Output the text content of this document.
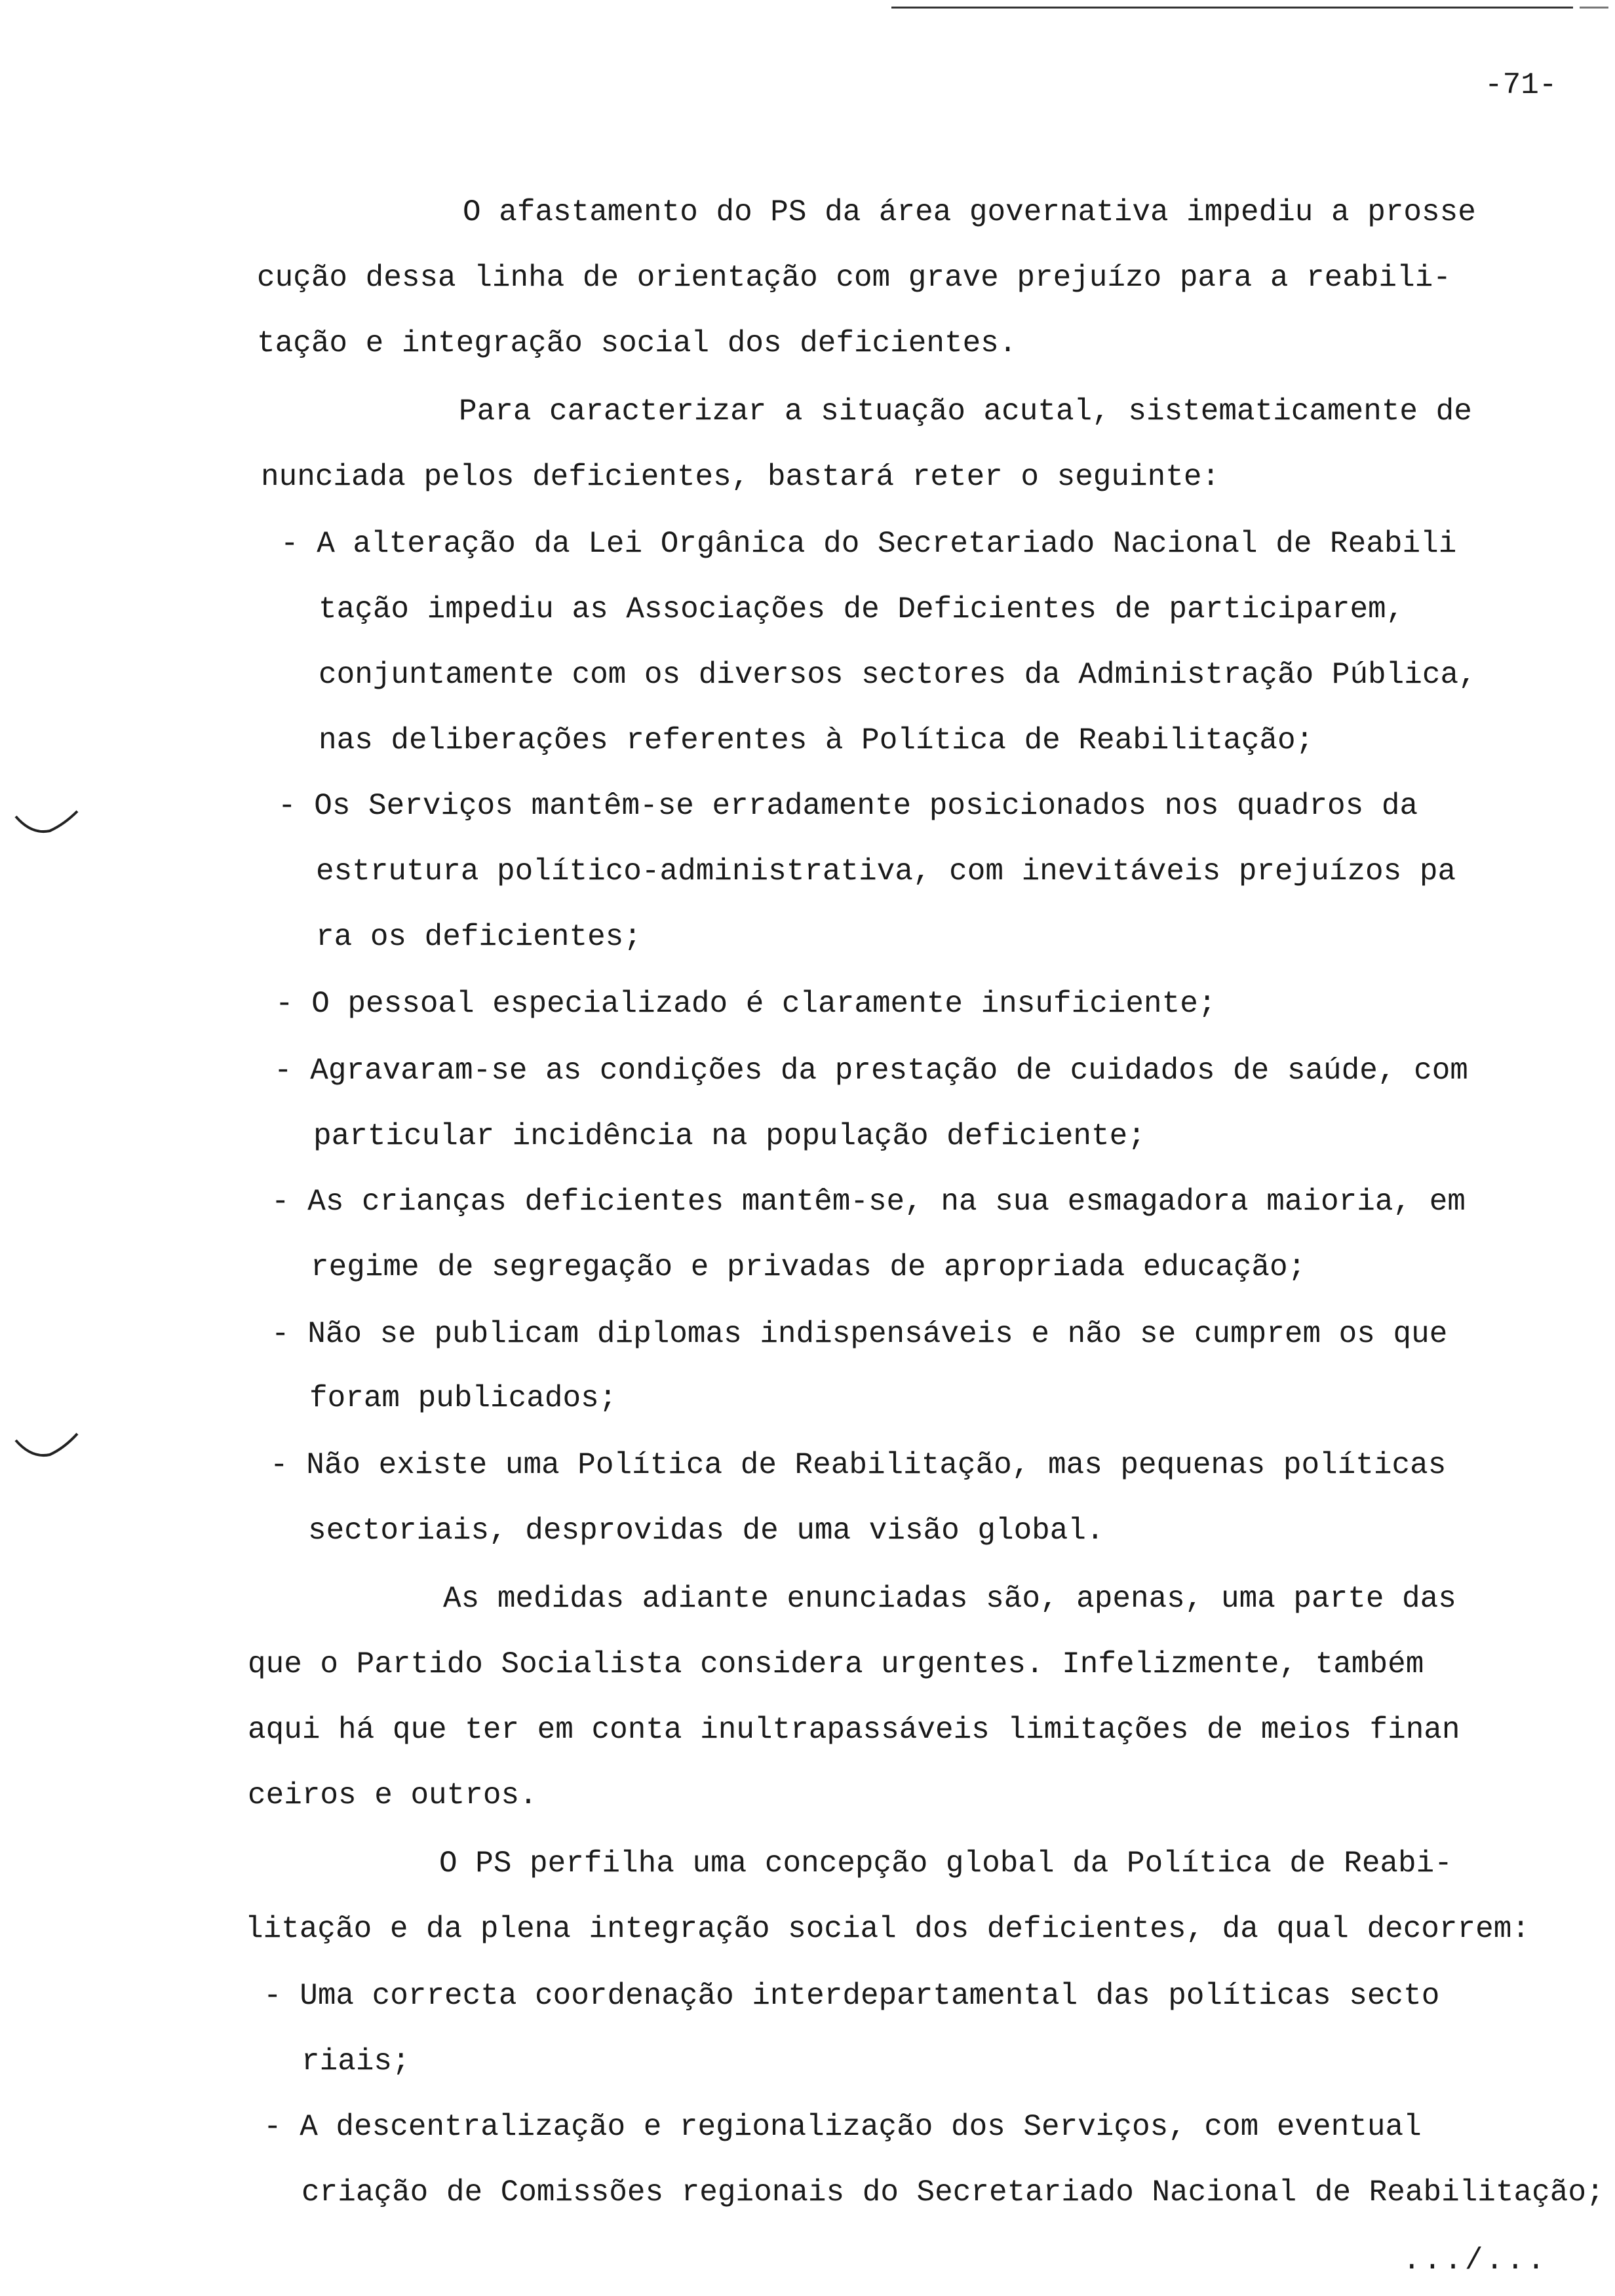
-71-
O afastamento do PS da área governativa impediu a prosse
cução dessa linha de orientação com grave prejuízo para a reabili-
tação e integração social dos deficientes.
Para caracterizar a situação acutal, sistematicamente de
nunciada pelos deficientes, bastará reter o seguinte:
- A alteração da Lei Orgânica do Secretariado Nacional de Reabili
tação impediu as Associações de Deficientes de participarem,
conjuntamente com os diversos sectores da Administração Pública,
nas deliberações referentes à Política de Reabilitação;
- Os Serviços mantêm-se erradamente posicionados nos quadros da
estrutura político-administrativa, com inevitáveis prejuízos pa
ra os deficientes;
- O pessoal especializado é claramente insuficiente;
- Agravaram-se as condições da prestação de cuidados de saúde, com
particular incidência na população deficiente;
- As crianças deficientes mantêm-se, na sua esmagadora maioria, em
regime de segregação e privadas de apropriada educação;
- Não se publicam diplomas indispensáveis e não se cumprem os que
foram publicados;
- Não existe uma Política de Reabilitação, mas pequenas políticas
sectoriais, desprovidas de uma visão global.
As medidas adiante enunciadas são, apenas, uma parte das
que o Partido Socialista considera urgentes. Infelizmente, também
aqui há que ter em conta inultrapassáveis limitações de meios finan
ceiros e outros.
O PS perfilha uma concepção global da Política de Reabi-
litação e da plena integração social dos deficientes, da qual decorrem:
- Uma correcta coordenação interdepartamental das políticas secto
riais;
- A descentralização e regionalização dos Serviços, com eventual
criação de Comissões regionais do Secretariado Nacional de Reabilitação;
.../...
